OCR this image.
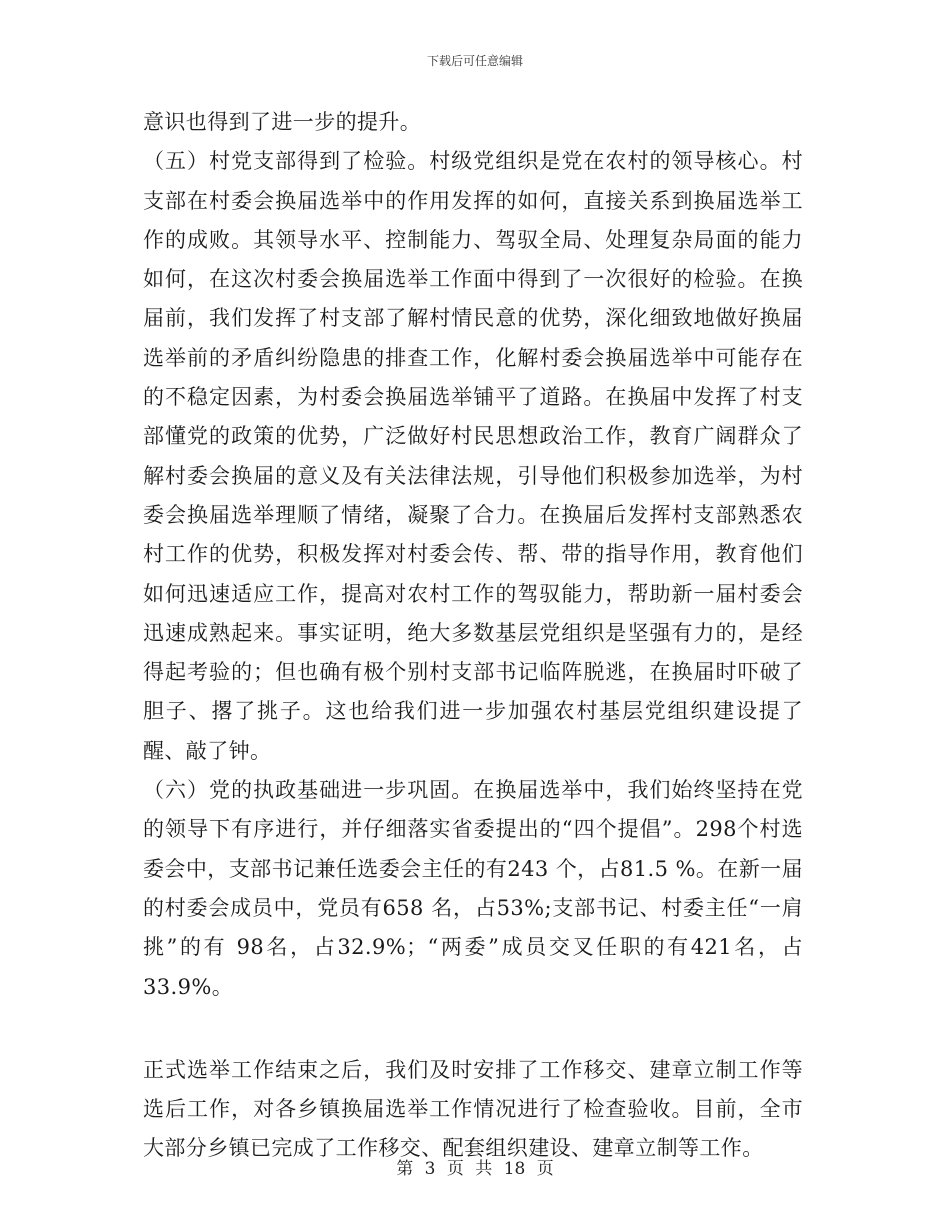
下载后可任意编辑

意识也得到了进一步的提升。

（五）村党支部得到了检验。村级党组织是党在农村的领导核心。村支部在村委会换届选举中的作用发挥的如何，直接关系到换届选举工作的成败。其领导水平、控制能力、驾驭全局、处理复杂局面的能力如何，在这次村委会换届选举工作面中得到了一次很好的检验。在换届前，我们发挥了村支部了解村情民意的优势，深化细致地做好换届选举前的矛盾纠纷隐患的排查工作，化解村委会换届选举中可能存在的不稳定因素，为村委会换届选举铺平了道路。在换届中发挥了村支部懂党的政策的优势，广泛做好村民思想政治工作，教育广阔群众了解村委会换届的意义及有关法律法规，引导他们积极参加选举，为村委会换届选举理顺了情绪，凝聚了合力。在换届后发挥村支部熟悉农村工作的优势，积极发挥对村委会传、帮、带的指导作用，教育他们如何迅速适应工作，提高对农村工作的驾驭能力，帮助新一届村委会迅速成熟起来。事实证明，绝大多数基层党组织是坚强有力的，是经得起考验的；但也确有极个别村支部书记临阵脱逃，在换届时吓破了胆子、撂了挑子。这也给我们进一步加强农村基层党组织建设提了醒、敲了钟。

（六）党的执政基础进一步巩固。在换届选举中，我们始终坚持在党的领导下有序进行，并仔细落实省委提出的“四个提倡”。298个村选委会中，支部书记兼任选委会主任的有243 个，占81.5 %。在新一届的村委会成员中，党员有658 名，占53%;支部书记、村委主任“一肩挑”的有 98名，占32.9%；“两委”成员交叉任职的有421名，占33.9%。

正式选举工作结束之后，我们及时安排了工作移交、建章立制工作等选后工作，对各乡镇换届选举工作情况进行了检查验收。目前，全市大部分乡镇已完成了工作移交、配套组织建设、建章立制等工作。

第 3 页 共 18 页
